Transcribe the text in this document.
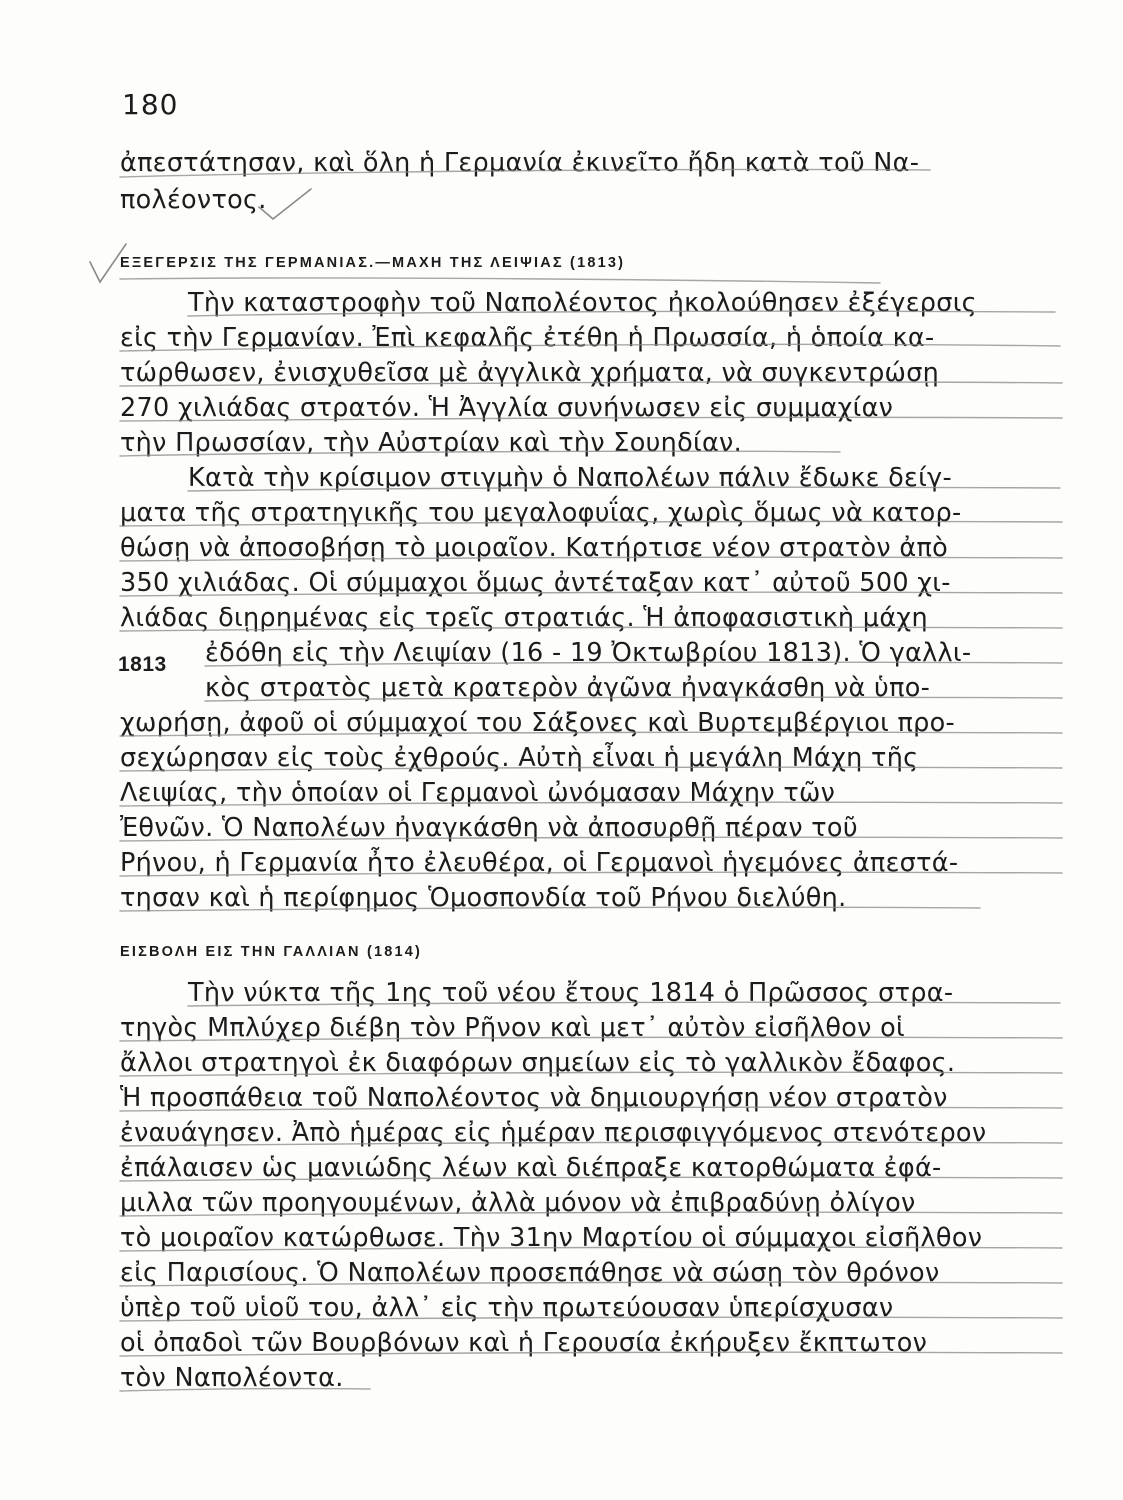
180
ἀπεστάτησαν, καὶ ὅλη ἡ Γερμανία ἐκινεῖτο ἤδη κατὰ τοῦ Να-
πολέοντος.
ΕΞΕΓΕΡΣΙΣ ΤΗΣ ΓΕΡΜΑΝΙΑΣ.—ΜΑΧΗ ΤΗΣ ΛΕΙΨΙΑΣ (1813)
Τὴν καταστροφὴν τοῦ Ναπολέοντος ἠκολούθησεν ἐξέγερσις
εἰς τὴν Γερμανίαν. Ἐπὶ κεφαλῆς ἐτέθη ἡ Πρωσσία, ἡ ὁποία κα-
τώρθωσεν, ἐνισχυθεῖσα μὲ ἀγγλικὰ χρήματα, νὰ συγκεντρώσῃ
270 χιλιάδας στρατόν. Ἡ Ἀγγλία συνήνωσεν εἰς συμμαχίαν
τὴν Πρωσσίαν, τὴν Αὐστρίαν καὶ τὴν Σουηδίαν.
Κατὰ τὴν κρίσιμον στιγμὴν ὁ Ναπολέων πάλιν ἔδωκε δείγ-
ματα τῆς στρατηγικῆς του μεγαλοφυΐας, χωρὶς ὅμως νὰ κατορ-
θώσῃ νὰ ἀποσοβήσῃ τὸ μοιραῖον. Κατήρτισε νέον στρατὸν ἀπὸ
350 χιλιάδας. Οἱ σύμμαχοι ὅμως ἀντέταξαν κατ᾽ αὐτοῦ 500 χι-
λιάδας διῃρημένας εἰς τρεῖς στρατιάς. Ἡ ἀποφασιστικὴ μάχη
ἐδόθη εἰς τὴν Λειψίαν (16 - 19 Ὀκτωβρίου 1813). Ὁ γαλλι-
1813
κὸς στρατὸς μετὰ κρατερὸν ἀγῶνα ἠναγκάσθη νὰ ὑπο-
χωρήσῃ, ἀφοῦ οἱ σύμμαχοί του Σάξονες καὶ Βυρτεμβέργιοι προ-
σεχώρησαν εἰς τοὺς ἐχθρούς. Αὐτὴ εἶναι ἡ μεγάλη Μάχη τῆς
Λειψίας, τὴν ὁποίαν οἱ Γερμανοὶ ὠνόμασαν Μάχην τῶν
Ἐθνῶν. Ὁ Ναπολέων ἠναγκάσθη νὰ ἀποσυρθῇ πέραν τοῦ
Ρήνου, ἡ Γερμανία ἦτο ἐλευθέρα, οἱ Γερμανοὶ ἡγεμόνες ἀπεστά-
τησαν καὶ ἡ περίφημος Ὁμοσπονδία τοῦ Ρήνου διελύθη.
ΕΙΣΒΟΛΗ ΕΙΣ ΤΗΝ ΓΑΛΛΙΑΝ (1814)
Τὴν νύκτα τῆς 1ης τοῦ νέου ἔτους 1814 ὁ Πρῶσσος στρα-
τηγὸς Μπλύχερ διέβη τὸν Ρῆνον καὶ μετ᾽ αὐτὸν εἰσῆλθον οἱ
ἄλλοι στρατηγοὶ ἐκ διαφόρων σημείων εἰς τὸ γαλλικὸν ἔδαφος.
Ἡ προσπάθεια τοῦ Ναπολέοντος νὰ δημιουργήσῃ νέον στρατὸν
ἐναυάγησεν. Ἀπὸ ἡμέρας εἰς ἡμέραν περισφιγγόμενος στενότερον
ἐπάλαισεν ὡς μανιώδης λέων καὶ διέπραξε κατορθώματα ἐφά-
μιλλα τῶν προηγουμένων, ἀλλὰ μόνον νὰ ἐπιβραδύνῃ ὀλίγον
τὸ μοιραῖον κατώρθωσε. Τὴν 31ην Μαρτίου οἱ σύμμαχοι εἰσῆλθον
εἰς Παρισίους. Ὁ Ναπολέων προσεπάθησε νὰ σώσῃ τὸν θρόνον
ὑπὲρ τοῦ υἱοῦ του, ἀλλ᾽ εἰς τὴν πρωτεύουσαν ὑπερίσχυσαν
οἱ ὀπαδοὶ τῶν Βουρβόνων καὶ ἡ Γερουσία ἐκήρυξεν ἔκπτωτον
τὸν Ναπολέοντα.
